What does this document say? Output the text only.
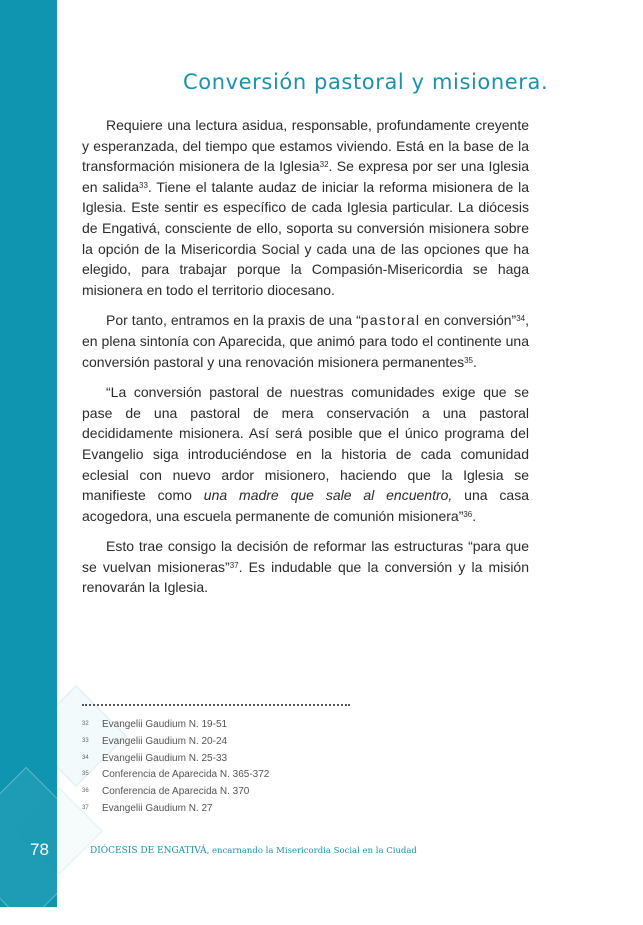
78
Conversión pastoral y misionera.

Requiere una lectura asidua, responsable, profundamente creyente y esperanzada, del tiempo que estamos viviendo. Está en la base de la transformación misionera de la Iglesia$^{32}$. Se expresa por ser una Iglesia en salida$^{33}$. Tiene el talante audaz de iniciar la reforma misionera de la Iglesia. Este sentir es específico de cada Iglesia particular. La diócesis de Engativá, consciente de ello, soporta su conversión misionera sobre la opción de la Misericordia Social y cada una de las opciones que ha elegido, para trabajar porque la Compasión-Misericordia se haga misionera en todo el territorio diocesano.

Por tanto, entramos en la praxis de una “pastoral en conversión”$^{34}$, en plena sintonía con Aparecida, que animó para todo el continente una conversión pastoral y una renovación misionera permanentes$^{35}$.

“La conversión pastoral de nuestras comunidades exige que se pase de una pastoral de mera conservación a una pastoral decididamente misionera. Así será posible que el único programa del Evangelio siga introduciéndose en la historia de cada comunidad eclesial con nuevo ardor misionero, haciendo que la Iglesia se manifieste como una madre que sale al encuentro, una casa acogedora, una escuela permanente de comunión misionera”$^{36}$.

Esto trae consigo la decisión de reformar las estructuras “para que se vuelvan misioneras”$^{37}$. Es indudable que la conversión y la misión renovarán la Iglesia.

32 Evangelii Gaudium N. 19-51
33 Evangelii Gaudium N. 20-24
34 Evangelii Gaudium N. 25-33
35 Conferencia de Aparecida N. 365-372
36 Conferencia de Aparecida N. 370
37 Evangelii Gaudium N. 27
DIÓCESIS DE ENGATIVÁ, encarnando la Misericordia Social en la Ciudad
